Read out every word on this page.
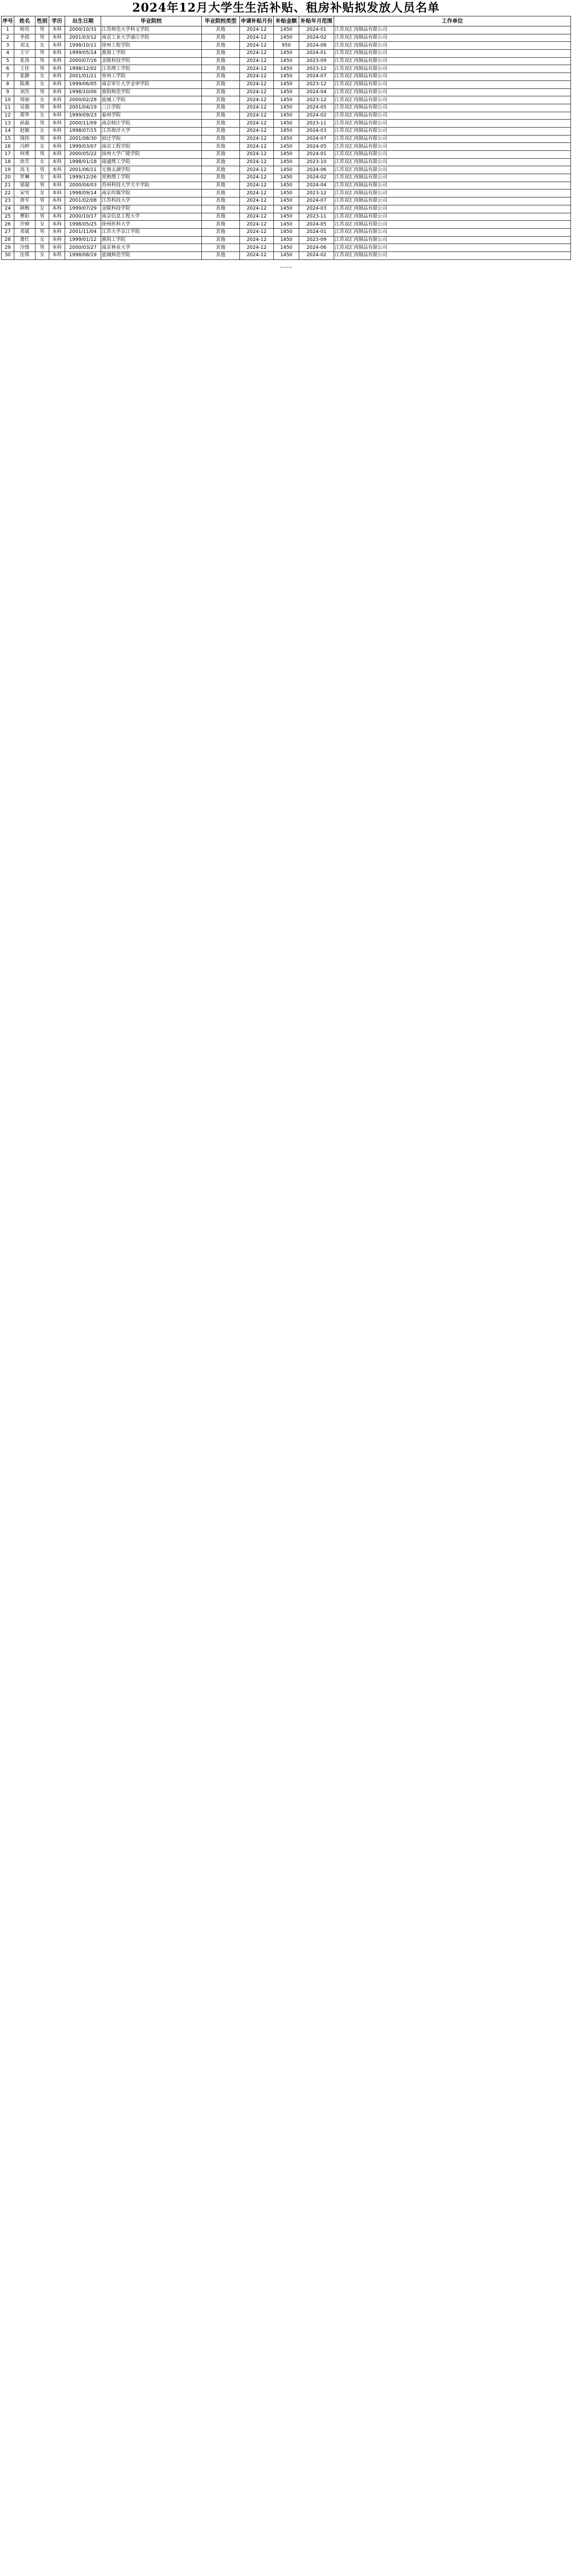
2024年12月大学生生活补贴、租房补贴拟发放人员名单
序号	姓名	性别	学历	出生日期	毕业院校	毕业院校类型	申请补贴月份	补贴金额	补贴年月范围	工作单位
1	杨昊	男	本科	2000/10/31	江苏师范大学科文学院	其他	2024-12	1450	2024-01	江苏双汇肉制品有限公司
2	李晨	男	本科	2001/03/12	南京工业大学浦江学院	其他	2024-12	1450	2024-02	江苏双汇肉制品有限公司
3	刘文	女	本科	1998/10/11	徐州工程学院	其他	2024-12	950	2024-08	江苏双汇肉制品有限公司
4	王宇	男	本科	1999/05/14	淮海工学院	其他	2024-12	1450	2024-01	江苏双汇肉制品有限公司
5	张涛	男	本科	2000/07/16	金陵科技学院	其他	2024-12	1450	2023-09	江苏双汇肉制品有限公司
6	王佳	男	本科	1998/12/02	江苏理工学院	其他	2024-12	1450	2023-12	江苏双汇肉制品有限公司
7	张静	女	本科	2001/01/21	常州工学院	其他	2024-12	1450	2024-07	江苏双汇肉制品有限公司
8	陈燕	女	本科	1999/06/05	南京审计大学金审学院	其他	2024-12	1450	2023-12	江苏双汇肉制品有限公司
9	刘杰	男	本科	1998/10/06	淮阴师范学院	其他	2024-12	1450	2024-04	江苏双汇肉制品有限公司
10	周丽	女	本科	2000/02/28	盐城工学院	其他	2024-12	1450	2023-12	江苏双汇肉制品有限公司
11	吴强	男	本科	2001/04/19	三江学院	其他	2024-12	1450	2024-05	江苏双汇肉制品有限公司
12	郑华	女	本科	1999/09/23	泰州学院	其他	2024-12	1450	2024-02	江苏双汇肉制品有限公司
13	孙磊	男	本科	2000/11/09	南京晓庄学院	其他	2024-12	1450	2023-11	江苏双汇肉制品有限公司
14	赵敏	女	本科	1998/07/15	江苏海洋大学	其他	2024-12	1450	2024-03	江苏双汇肉制品有限公司
15	钱伟	男	本科	2001/08/30	宿迁学院	其他	2024-12	1450	2024-07	江苏双汇肉制品有限公司
16	冯婷	女	本科	1999/03/07	南京工程学院	其他	2024-12	1450	2024-05	江苏双汇肉制品有限公司
17	何勇	男	本科	2000/05/22	扬州大学广陵学院	其他	2024-12	1450	2024-01	江苏双汇肉制品有限公司
18	徐芳	女	本科	1998/01/18	南通理工学院	其他	2024-12	1450	2023-10	江苏双汇肉制品有限公司
19	高飞	男	本科	2001/06/11	无锡太湖学院	其他	2024-12	1450	2024-06	江苏双汇肉制品有限公司
20	罗琳	女	本科	1999/12/26	常熟理工学院	其他	2024-12	1450	2024-02	江苏双汇肉制品有限公司
21	梁超	男	本科	2000/04/03	苏州科技大学天平学院	其他	2024-12	1450	2024-04	江苏双汇肉制品有限公司
22	宋雪	女	本科	1998/09/14	南京传媒学院	其他	2024-12	1450	2023-12	江苏双汇肉制品有限公司
23	唐军	男	本科	2001/02/08	江苏科技大学	其他	2024-12	1450	2024-07	江苏双汇肉制品有限公司
24	韩梅	女	本科	1999/07/29	金陵科技学院	其他	2024-12	1450	2024-03	江苏双汇肉制品有限公司
25	曹阳	男	本科	2000/10/17	南京信息工程大学	其他	2024-12	1450	2023-11	江苏双汇肉制品有限公司
26	许晴	女	本科	1998/05/25	徐州医科大学	其他	2024-12	1450	2024-05	江苏双汇肉制品有限公司
27	邓斌	男	本科	2001/11/04	江苏大学京江学院	其他	2024-12	1450	2024-01	江苏双汇肉制品有限公司
28	萧红	女	本科	1999/01/12	淮阴工学院	其他	2024-12	1450	2023-09	江苏双汇肉制品有限公司
29	冷锋	男	本科	2000/03/27	南京林业大学	其他	2024-12	1450	2024-06	江苏双汇肉制品有限公司
30	沈琪	女	本科	1998/08/19	盐城师范学院	其他	2024-12	1450	2024-02	江苏双汇肉制品有限公司
……
